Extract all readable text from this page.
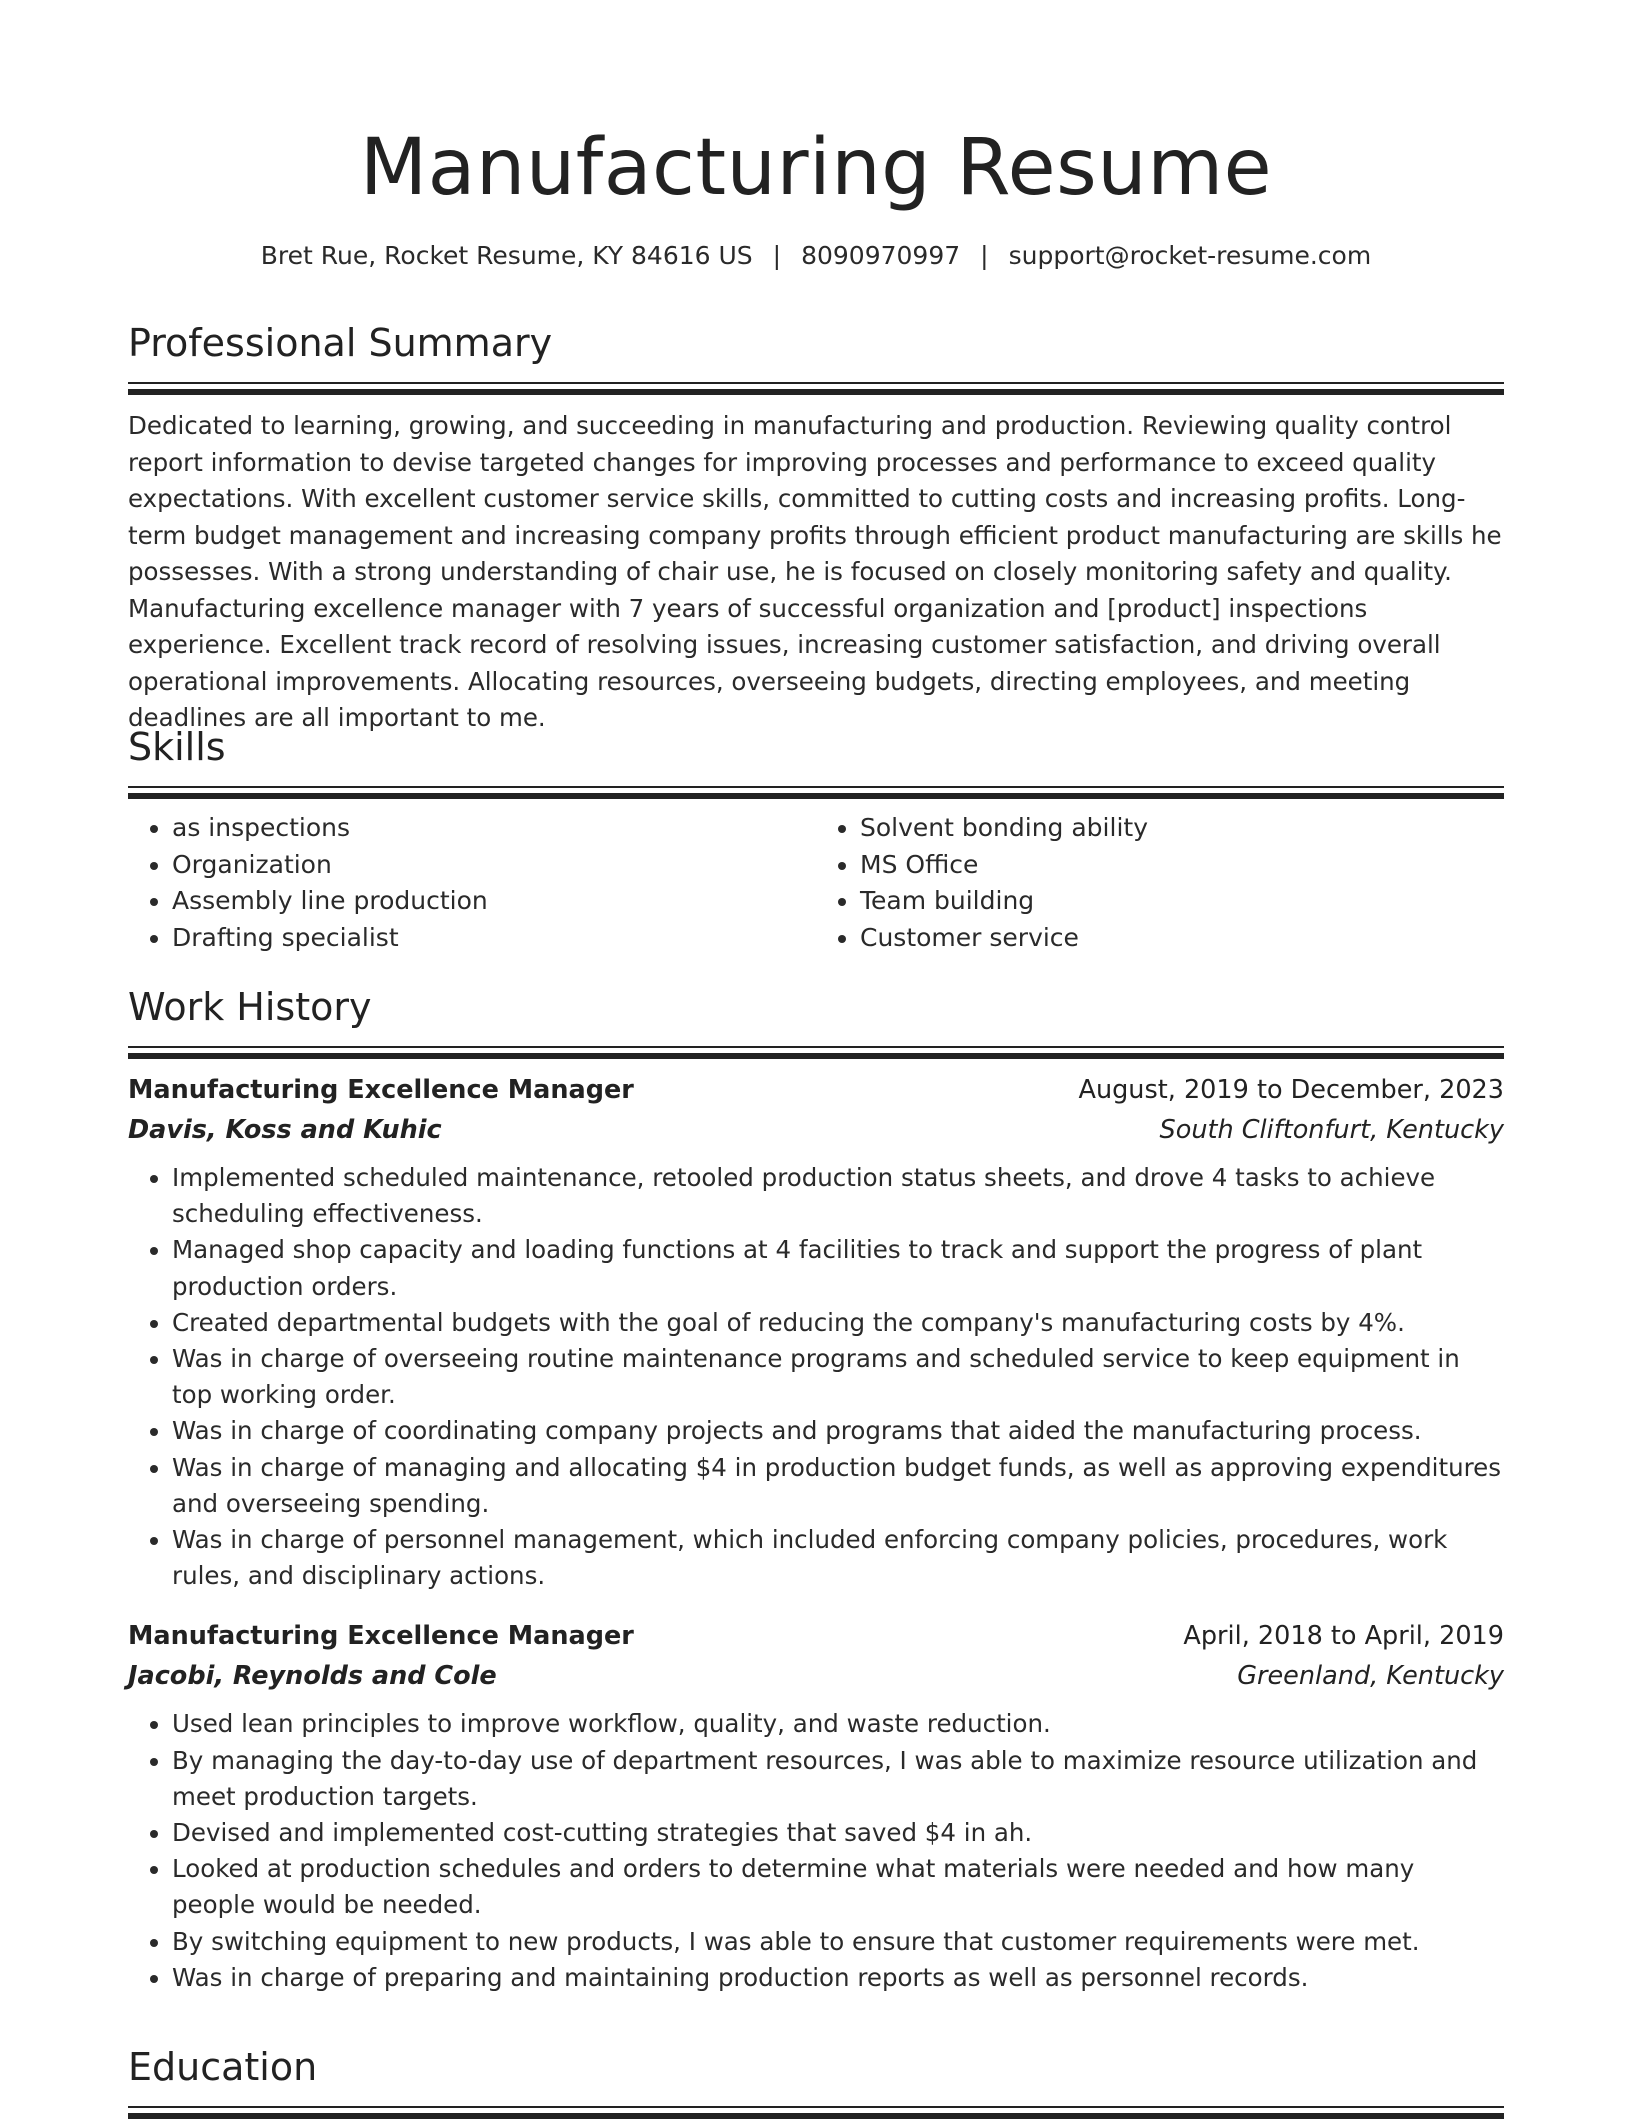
Manufacturing Resume
Bret Rue, Rocket Resume, KY 84616 US | 8090970997 | support@rocket-resume.com
Professional Summary

Dedicated to learning, growing, and succeeding in manufacturing and production. Reviewing quality control report information to devise targeted changes for improving processes and performance to exceed quality expectations. With excellent customer service skills, committed to cutting costs and increasing profits. Long-term budget management and increasing company profits through efficient product manufacturing are skills he possesses. With a strong understanding of chair use, he is focused on closely monitoring safety and quality. Manufacturing excellence manager with 7 years of successful organization and [product] inspections experience. Excellent track record of resolving issues, increasing customer satisfaction, and driving overall operational improvements. Allocating resources, overseeing budgets, directing employees, and meeting deadlines are all important to me.

Skills
• as inspections
• Organization
• Assembly line production
• Drafting specialist
• Solvent bonding ability
• MS Office
• Team building
• Customer service
Work History
Manufacturing Excellence Manager	August, 2019 to December, 2023
Davis, Koss and Kuhic	South Cliftonfurt, Kentucky
• Implemented scheduled maintenance, retooled production status sheets, and drove 4 tasks to achieve scheduling effectiveness.
• Managed shop capacity and loading functions at 4 facilities to track and support the progress of plant production orders.
• Created departmental budgets with the goal of reducing the company's manufacturing costs by 4%.
• Was in charge of overseeing routine maintenance programs and scheduled service to keep equipment in top working order.
• Was in charge of coordinating company projects and programs that aided the manufacturing process.
• Was in charge of managing and allocating $4 in production budget funds, as well as approving expenditures and overseeing spending.
• Was in charge of personnel management, which included enforcing company policies, procedures, work rules, and disciplinary actions.
Manufacturing Excellence Manager	April, 2018 to April, 2019
Jacobi, Reynolds and Cole	Greenland, Kentucky
• Used lean principles to improve workflow, quality, and waste reduction.
• By managing the day-to-day use of department resources, I was able to maximize resource utilization and meet production targets.
• Devised and implemented cost-cutting strategies that saved $4 in ah.
• Looked at production schedules and orders to determine what materials were needed and how many people would be needed.
• By switching equipment to new products, I was able to ensure that customer requirements were met.
• Was in charge of preparing and maintaining production reports as well as personnel records.
Education
